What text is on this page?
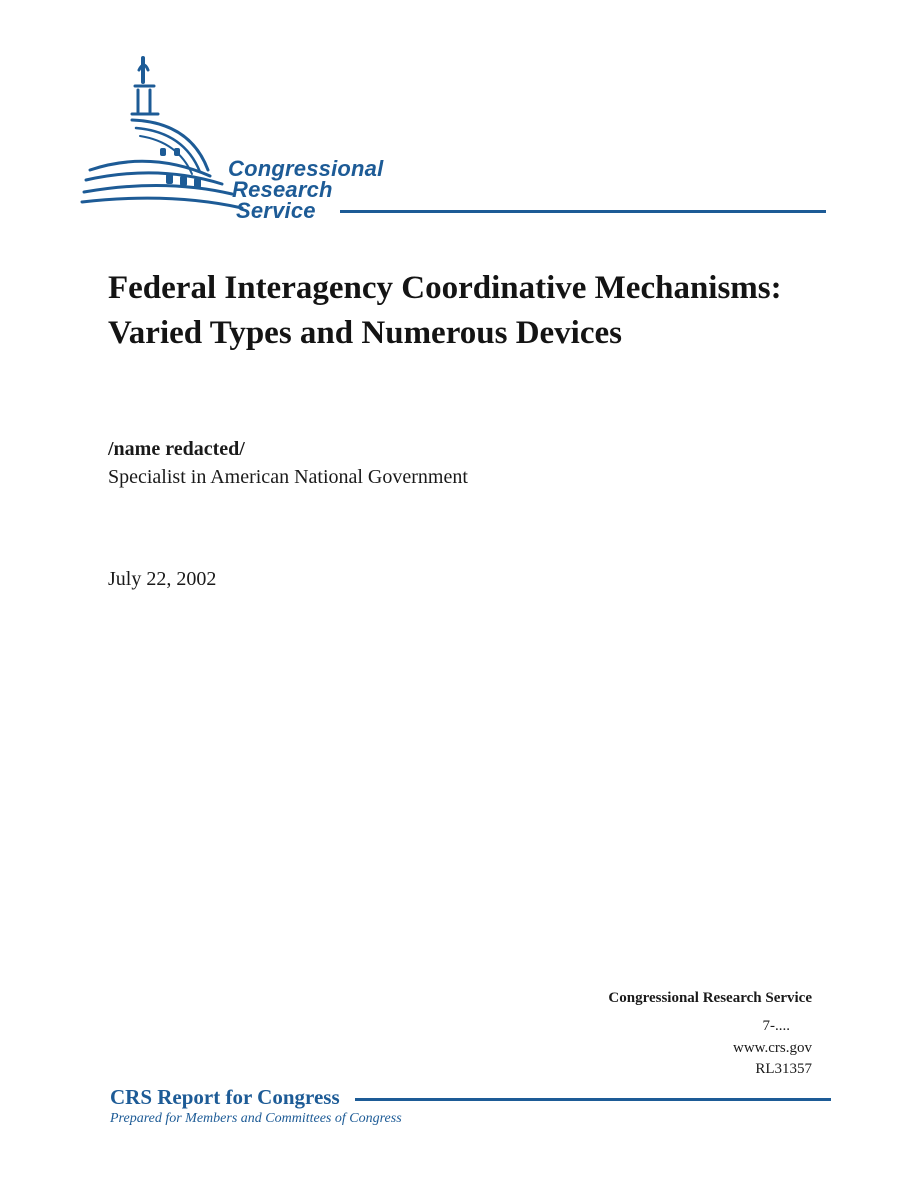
Congressional
Research
Service
Federal Interagency Coordinative Mechanisms: Varied Types and Numerous Devices
/name redacted/
Specialist in American National Government
July 22, 2002
Congressional Research Service
7-....
www.crs.gov
RL31357
CRS Report for Congress
Prepared for Members and Committees of Congress
